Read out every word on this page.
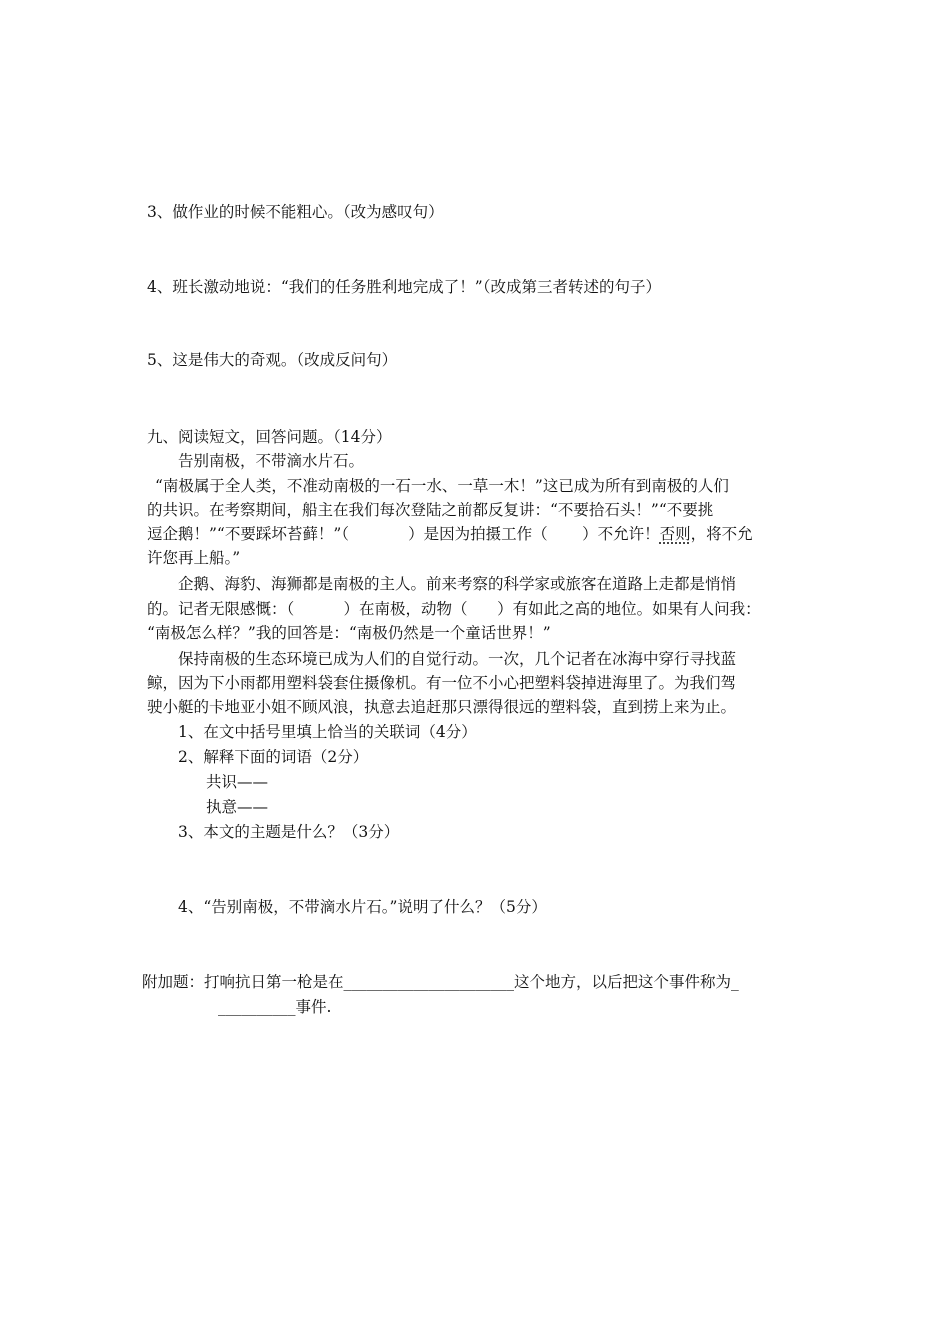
3、做作业的时候不能粗心。（改为感叹句）
4、班长激动地说：“我们的任务胜利地完成了！”（改成第三者转述的句子）
5、这是伟大的奇观。（改成反问句）
九、阅读短文，回答问题。（14分）
告别南极，不带滴水片石。
“南极属于全人类，不准动南极的一石一水、一草一木！”这已成为所有到南极的人们
的共识。在考察期间，船主在我们每次登陆之前都反复讲：“不要拾石头！”“不要挑
逗企鹅！”“不要踩坏苔藓！”（            ）是因为拍摄工作（       ）不允许！否则，将不允
许您再上船。”
企鹅、海豹、海狮都是南极的主人。前来考察的科学家或旅客在道路上走都是悄悄
的。记者无限感慨：（          ）在南极，动物（      ）有如此之高的地位。如果有人问我：
“南极怎么样？”我的回答是：“南极仍然是一个童话世界！”
保持南极的生态环境已成为人们的自觉行动。一次，几个记者在冰海中穿行寻找蓝
鲸，因为下小雨都用塑料袋套住摄像机。有一位不小心把塑料袋掉进海里了。为我们驾
驶小艇的卡地亚小姐不顾风浪，执意去追赶那只漂得很远的塑料袋，直到捞上来为止。
1、在文中括号里填上恰当的关联词（4分）
2、解释下面的词语（2分）
共识——
执意——
3、本文的主题是什么？（3分）
4、“告别南极，不带滴水片石。”说明了什么？（5分）
附加题：打响抗日第一枪是在______________________这个地方，以后把这个事件称为_
__________事件.
